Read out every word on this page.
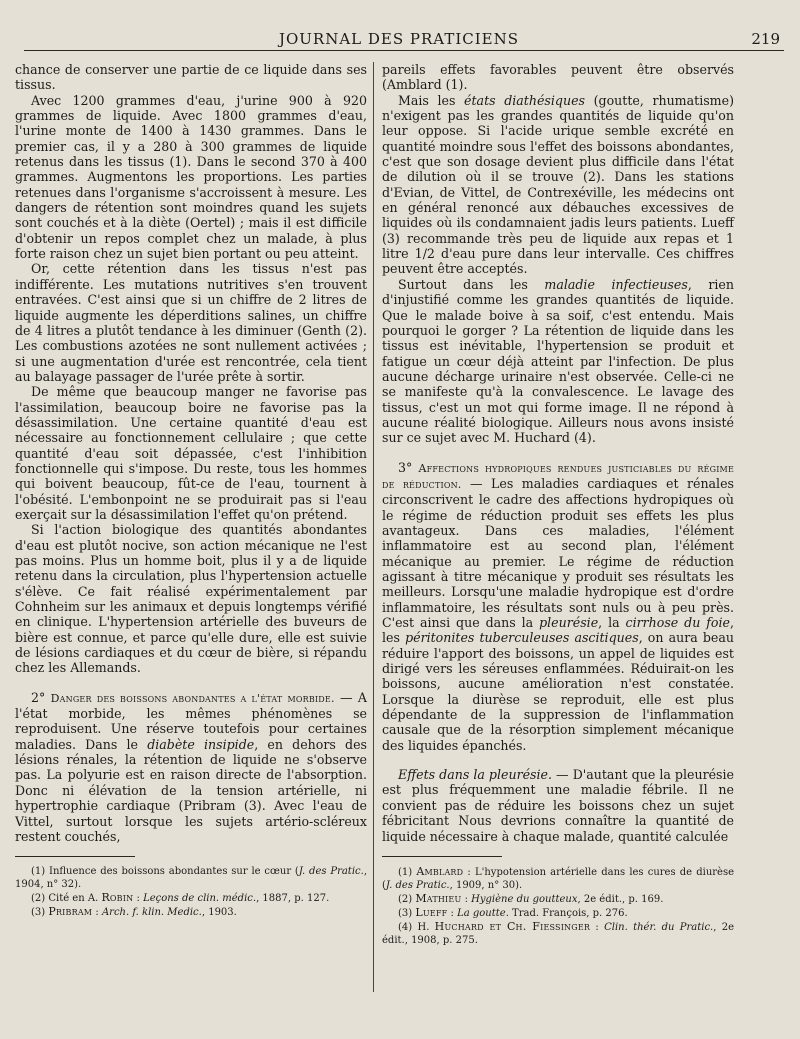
JOURNAL DES PRATICIENS	219

chance de conserver une partie de ce liquide dans ses tissus.

Avec 1200 grammes d'eau, j'urine 900 à 920 grammes de liquide. Avec 1800 grammes d'eau, l'urine monte de 1400 à 1430 grammes. Dans le premier cas, il y a 280 à 300 grammes de liquide retenus dans les tissus (1). Dans le second 370 à 400 grammes. Augmentons les proportions. Les parties retenues dans l'organisme s'accroissent à mesure. Les dangers de rétention sont moindres quand les sujets sont couchés et à la diète (Oertel) ; mais il est difficile d'obtenir un repos complet chez un malade, à plus forte raison chez un sujet bien portant ou peu atteint.

Or, cette rétention dans les tissus n'est pas indifférente. Les mutations nutritives s'en trouvent entravées. C'est ainsi que si un chiffre de 2 litres de liquide augmente les déperditions salines, un chiffre de 4 litres a plutôt tendance à les diminuer (Genth (2). Les combustions azotées ne sont nullement activées ; si une augmentation d'urée est rencontrée, cela tient au balayage passager de l'urée prête à sortir.

De même que beaucoup manger ne favorise pas l'assimilation, beaucoup boire ne favorise pas la désassimilation. Une certaine quantité d'eau est nécessaire au fonctionnement cellulaire ; que cette quantité d'eau soit dépassée, c'est l'inhibition fonctionnelle qui s'impose. Du reste, tous les hommes qui boivent beaucoup, fût-ce de l'eau, tournent à l'obésité. L'embonpoint ne se produirait pas si l'eau exerçait sur la désassimilation l'effet qu'on prétend.

Si l'action biologique des quantités abondantes d'eau est plutôt nocive, son action mécanique ne l'est pas moins. Plus un homme boit, plus il y a de liquide retenu dans la circulation, plus l'hypertension actuelle s'élève. Ce fait réalisé expérimentalement par Cohnheim sur les animaux et depuis longtemps vérifié en clinique. L'hypertension artérielle des buveurs de bière est connue, et parce qu'elle dure, elle est suivie de lésions cardiaques et du cœur de bière, si répandu chez les Allemands.

2° Danger des boissons abondantes a l'état morbide. — A l'état morbide, les mêmes phénomènes se reproduisent. Une réserve toutefois pour certaines maladies. Dans le diabète insipide, en dehors des lésions rénales, la rétention de liquide ne s'observe pas. La polyurie est en raison directe de l'absorption. Donc ni élévation de la tension artérielle, ni hypertrophie cardiaque (Pribram (3). Avec l'eau de Vittel, surtout lorsque les sujets artério-scléreux restent couchés,

(1) Influence des boissons abondantes sur le cœur (J. des Pratic., 1904, n° 32).

(2) Cité en A. Robin : Leçons de clin. médic., 1887, p. 127.

(3) Pribram : Arch. f. klin. Medic., 1903.

pareils effets favorables peuvent être observés (Amblard (1).

Mais les états diathésiques (goutte, rhumatisme) n'exigent pas les grandes quantités de liquide qu'on leur oppose. Si l'acide urique semble excrété en quantité moindre sous l'effet des boissons abondantes, c'est que son dosage devient plus difficile dans l'état de dilution où il se trouve (2). Dans les stations d'Evian, de Vittel, de Contrexéville, les médecins ont en général renoncé aux débauches excessives de liquides où ils condamnaient jadis leurs patients. Lueff (3) recommande très peu de liquide aux repas et 1 litre 1/2 d'eau pure dans leur intervalle. Ces chiffres peuvent être acceptés.

Surtout dans les maladie infectieuses, rien d'injustifié comme les grandes quantités de liquide. Que le malade boive à sa soif, c'est entendu. Mais pourquoi le gorger ? La rétention de liquide dans les tissus est inévitable, l'hypertension se produit et fatigue un cœur déjà atteint par l'infection. De plus aucune décharge urinaire n'est observée. Celle-ci ne se manifeste qu'à la convalescence. Le lavage des tissus, c'est un mot qui forme image. Il ne répond à aucune réalité biologique. Ailleurs nous avons insisté sur ce sujet avec M. Huchard (4).

3° Affections hydropiques rendues justiciables du régime de réduction. — Les maladies cardiaques et rénales circonscrivent le cadre des affections hydropiques où le régime de réduction produit ses effets les plus avantageux. Dans ces maladies, l'élément inflammatoire est au second plan, l'élément mécanique au premier. Le régime de réduction agissant à titre mécanique y produit ses résultats les meilleurs. Lorsqu'une maladie hydropique est d'ordre inflammatoire, les résultats sont nuls ou à peu près. C'est ainsi que dans la pleurésie, la cirrhose du foie, les péritonites tuberculeuses ascitiques, on aura beau réduire l'apport des boissons, un appel de liquides est dirigé vers les séreuses enflammées. Réduirait-on les boissons, aucune amélioration n'est constatée. Lorsque la diurèse se reproduit, elle est plus dépendante de la suppression de l'inflammation causale que de la résorption simplement mécanique des liquides épanchés.

Effets dans la pleurésie. — D'autant que la pleurésie est plus fréquemment une maladie fébrile. Il ne convient pas de réduire les boissons chez un sujet fébricitant Nous devrions connaître la quantité de liquide nécessaire à chaque malade, quantité calculée

(1) Amblard : L'hypotension artérielle dans les cures de diurèse (J. des Pratic., 1909, n° 30).

(2) Mathieu : Hygiène du goutteux, 2e édit., p. 169.

(3) Lueff : La goutte. Trad. François, p. 276.

(4) H. Huchard et Ch. Fiessinger : Clin. thér. du Pratic., 2e édit., 1908, p. 275.
